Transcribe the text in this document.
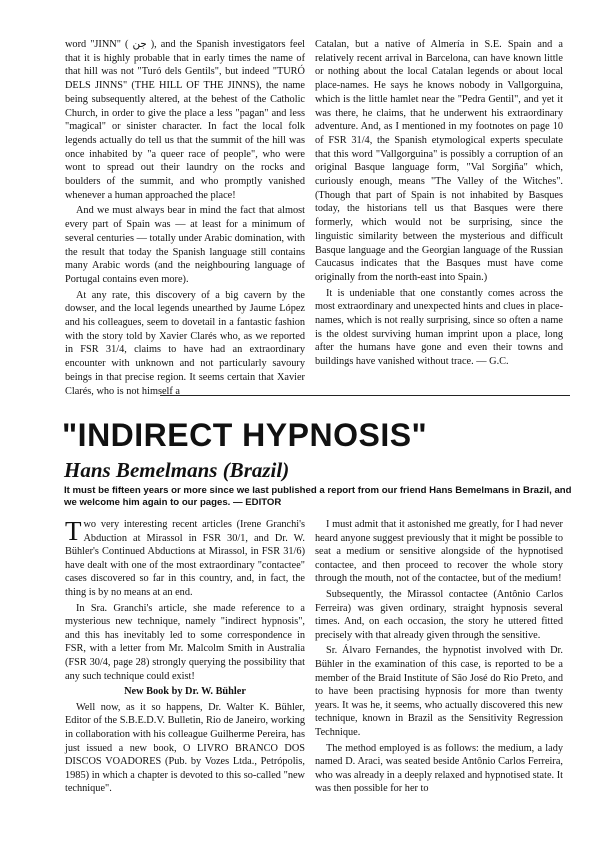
word "JINN" ( جن ), and the Spanish investigators feel that it is highly probable that in early times the name of that hill was not "Turó dels Gentils", but indeed "TURÓ DELS JINNS" (THE HILL OF THE JINNS), the name being subsequently altered, at the behest of the Catholic Church, in order to give the place a less "pagan" and less "magical" or sinister character. In fact the local folk legends actually do tell us that the summit of the hill was once inhabited by "a queer race of people", who were wont to spread out their laundry on the rocks and boulders of the summit, and who promptly vanished whenever a human approached the place!

And we must always bear in mind the fact that almost every part of Spain was — at least for a minimum of several centuries — totally under Arabic domination, with the result that today the Spanish language still contains many Arabic words (and the neighbouring language of Portugal contains even more).

At any rate, this discovery of a big cavern by the dowser, and the local legends unearthed by Jaume López and his colleagues, seem to dovetail in a fantastic fashion with the story told by Xavier Clarés who, as we reported in FSR 31/4, claims to have had an extraordinary encounter with unknown and not particularly savoury beings in that precise region. It seems certain that Xavier Clarés, who is not himself a

Catalan, but a native of Almería in S.E. Spain and a relatively recent arrival in Barcelona, can have known little or nothing about the local Catalan legends or about local place-names. He says he knows nobody in Vallgorguina, which is the little hamlet near the "Pedra Gentil", and yet it was there, he claims, that he underwent his extraordinary adventure. And, as I mentioned in my footnotes on page 10 of FSR 31/4, the Spanish etymological experts speculate that this word "Vallgorguina" is possibly a corruption of an original Basque language form, "Val Sorgiña" which, curiously enough, means "The Valley of the Witches". (Though that part of Spain is not inhabited by Basques today, the historians tell us that Basques were there formerly, which would not be surprising, since the linguistic similarity between the mysterious and difficult Basque language and the Georgian language of the Russian Caucasus indicates that the Basques must have come originally from the north-east into Spain.)

It is undeniable that one constantly comes across the most extraordinary and unexpected hints and clues in place-names, which is not really surprising, since so often a name is the oldest surviving human imprint upon a place, long after the humans have gone and even their towns and buildings have vanished without trace. — G.C.

"INDIRECT HYPNOSIS"
Hans Bemelmans (Brazil)

It must be fifteen years or more since we last published a report from our friend Hans Bemelmans in Brazil, and we welcome him again to our pages. — EDITOR

Two very interesting recent articles (Irene Granchi's Abduction at Mirassol in FSR 30/1, and Dr. W. Bühler's Continued Abductions at Mirassol, in FSR 31/6) have dealt with one of the most extraordinary "contactee" cases discovered so far in this country, and, in fact, the thing is by no means at an end.

In Sra. Granchi's article, she made reference to a mysterious new technique, namely "indirect hypnosis", and this has inevitably led to some correspondence in FSR, with a letter from Mr. Malcolm Smith in Australia (FSR 30/4, page 28) strongly querying the possibility that any such technique could exist!

New Book by Dr. W. Bühler

Well now, as it so happens, Dr. Walter K. Bühler, Editor of the S.B.E.D.V. Bulletin, Rio de Janeiro, working in collaboration with his colleague Guilherme Pereira, has just issued a new book, O LIVRO BRANCO DOS DISCOS VOADORES (Pub. by Vozes Ltda., Petrópolis, 1985) in which a chapter is devoted to this so-called "new technique".

I must admit that it astonished me greatly, for I had never heard anyone suggest previously that it might be possible to seat a medium or sensitive alongside of the hypnotised contactee, and then proceed to recover the whole story through the mouth, not of the contactee, but of the medium!

Subsequently, the Mirassol contactee (Antônio Carlos Ferreira) was given ordinary, straight hypnosis several times. And, on each occasion, the story he uttered fitted precisely with that already given through the sensitive.

Sr. Álvaro Fernandes, the hypnotist involved with Dr. Bühler in the examination of this case, is reported to be a member of the Braid Institute of São José do Rio Preto, and to have been practising hypnosis for more than twenty years. It was he, it seems, who actually discovered this new technique, known in Brazil as the Sensitivity Regression Technique.

The method employed is as follows: the medium, a lady named D. Araci, was seated beside Antônio Carlos Ferreira, who was already in a deeply relaxed and hypnotised state. It was then possible for her to
